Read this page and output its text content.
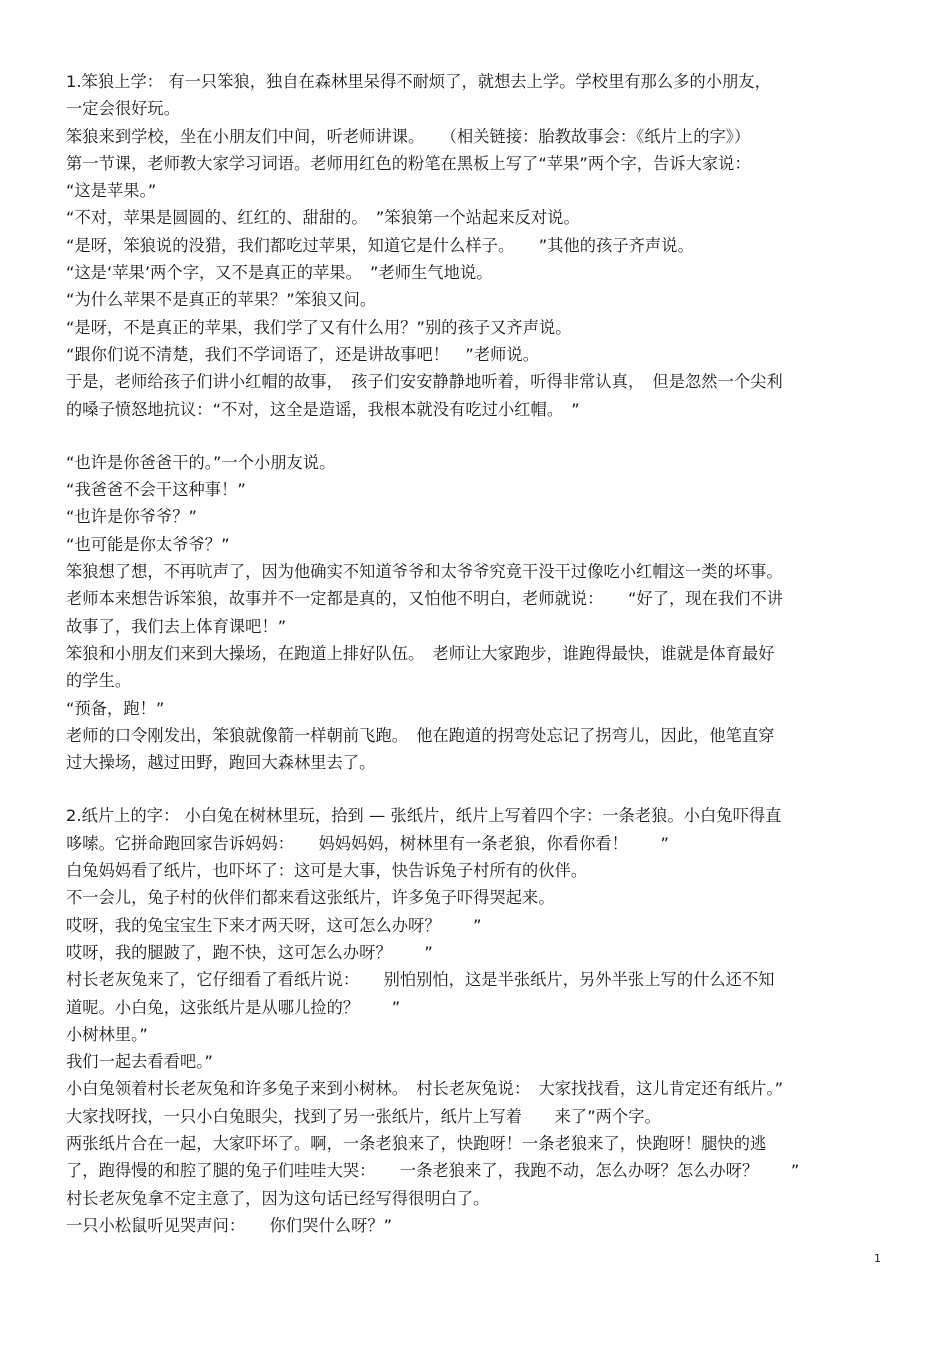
1.笨狼上学： 有一只笨狼，独自在森林里呆得不耐烦了，就想去上学。学校里有那么多的小朋友，
一定会很好玩。
笨狼来到学校，坐在小朋友们中间，听老师讲课。　　（相关链接：胎教故事会：《纸片上的字》）
第一节课，老师教大家学习词语。老师用红色的粉笔在黑板上写了“苹果”两个字，告诉大家说：
“这是苹果。”
“不对，苹果是圆圆的、红红的、甜甜的。　”笨狼第一个站起来反对说。
“是呀，笨狼说的没猎，我们都吃过苹果，知道它是什么样子。　　”其他的孩子齐声说。
“这是‘苹果’两个字，又不是真正的苹果。　”老师生气地说。
“为什么苹果不是真正的苹果？”笨狼又问。
“是呀，不是真正的苹果，我们学了又有什么用？”别的孩子又齐声说。
“跟你们说不清楚，我们不学词语了，还是讲故事吧！　”老师说。
于是，老师给孩子们讲小红帽的故事，　孩子们安安静静地听着，听得非常认真，　但是忽然一个尖利
的嗓子愤怒地抗议：“不对，这全是造谣，我根本就没有吃过小红帽。　”
“也许是你爸爸干的。”一个小朋友说。
“我爸爸不会干这种事！”
“也许是你爷爷？”
“也可能是你太爷爷？”
笨狼想了想，不再吭声了，因为他确实不知道爷爷和太爷爷究竟干没干过像吃小红帽这一类的坏事。
老师本来想告诉笨狼，故事并不一定都是真的，又怕他不明白，老师就说：　　“好了，现在我们不讲
故事了，我们去上体育课吧！”
笨狼和小朋友们来到大操场，在跑道上排好队伍。　老师让大家跑步，谁跑得最快，谁就是体育最好
的学生。
“预备，跑！”
老师的口令刚发出，笨狼就像箭一样朝前飞跑。　他在跑道的拐弯处忘记了拐弯儿，因此，他笔直穿
过大操场，越过田野，跑回大森林里去了。
2.纸片上的字： 小白兔在树林里玩，拾到 — 张纸片，纸片上写着四个字：一条老狼。小白兔吓得直
哆嗦。它拼命跑回家告诉妈妈：　　妈妈妈妈，树林里有一条老狼，你看你看！　　”
白兔妈妈看了纸片，也吓坏了：这可是大事，快告诉兔子村所有的伙伴。
不一会儿，兔子村的伙伴们都来看这张纸片，许多兔子吓得哭起来。
哎呀，我的兔宝宝生下来才两天呀，这可怎么办呀？　　”
哎呀，我的腿跛了，跑不快，这可怎么办呀？　　”
村长老灰兔来了，它仔细看了看纸片说：　　别怕别怕，这是半张纸片，另外半张上写的什么还不知
道呢。小白兔，这张纸片是从哪儿捡的？　　”
小树林里。”
我们一起去看看吧。”
小白兔领着村长老灰兔和许多兔子来到小树林。　村长老灰兔说：　大家找找看，这儿肯定还有纸片。”
大家找呀找，一只小白兔眼尖，找到了另一张纸片，纸片上写着　　来了”两个字。
两张纸片合在一起，大家吓坏了。啊，一条老狼来了，快跑呀！一条老狼来了，快跑呀！腿快的逃
了，跑得慢的和腔了腿的兔子们哇哇大哭：　　一条老狼来了，我跑不动，怎么办呀？怎么办呀？　　”
村长老灰兔拿不定主意了，因为这句话已经写得很明白了。
一只小松鼠听见哭声问：　　你们哭什么呀？”
1
